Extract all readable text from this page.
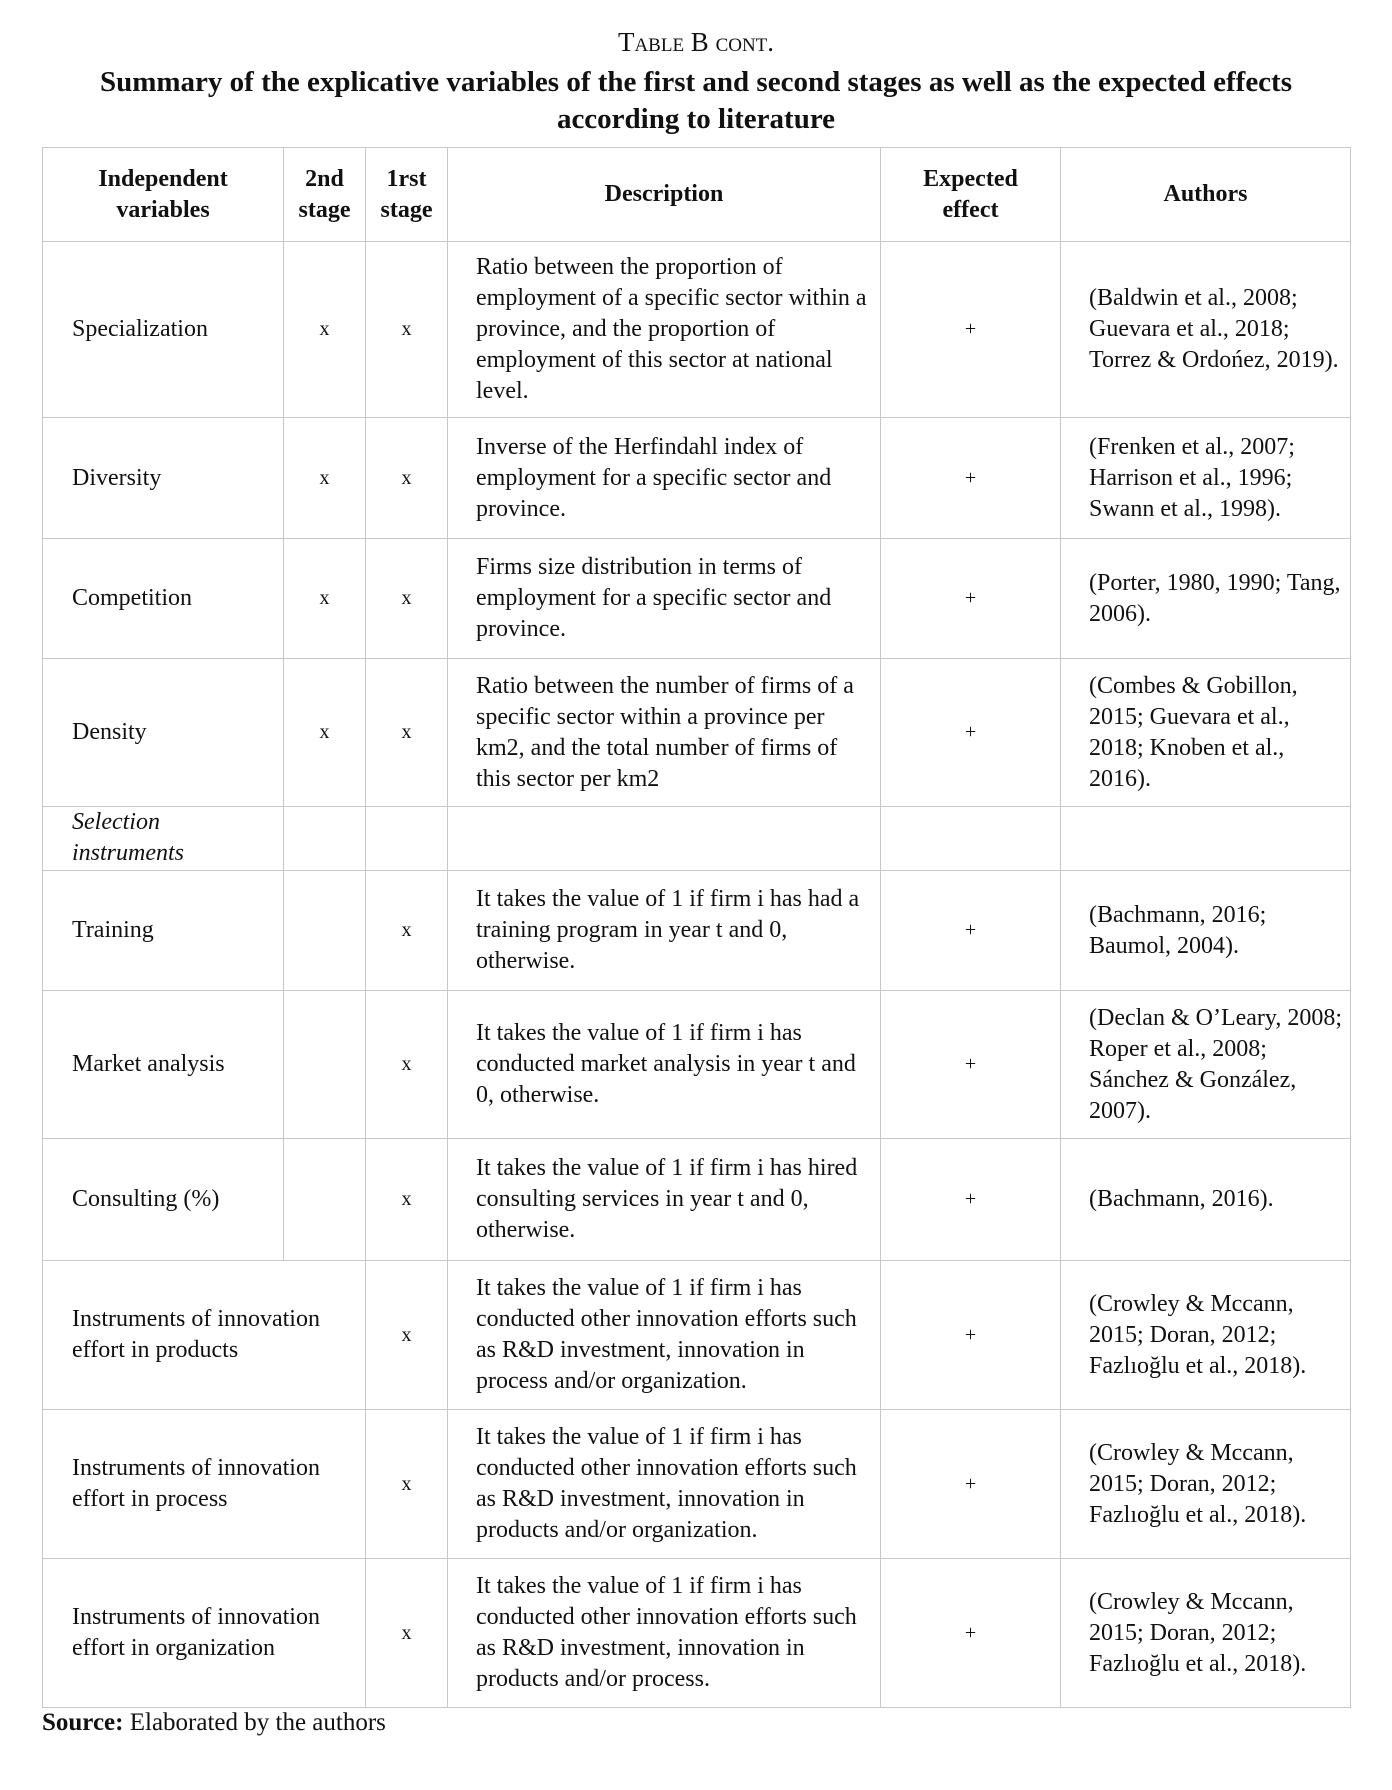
Table B cont.
Summary of the explicative variables of the first and second stages as well as the expected effects according to literature
Independent variables	2nd stage	1rst stage	Description	Expected effect	Authors
Specialization	x	x	Ratio between the proportion of employment of a specific sector within a province, and the proportion of employment of this sector at national level.	+	(Baldwin et al., 2008; Guevara et al., 2018; Torrez & Ordońez, 2019).
Diversity	x	x	Inverse of the Herfindahl index of employment for a specific sector and province.	+	(Frenken et al., 2007; Harrison et al., 1996; Swann et al., 1998).
Competition	x	x	Firms size distribution in terms of employment for a specific sector and province.	+	(Porter, 1980, 1990; Tang, 2006).
Density	x	x	Ratio between the number of firms of a specific sector within a province per km2, and the total number of firms of this sector per km2	+	(Combes & Gobillon, 2015; Guevara et al., 2018; Knoben et al., 2016).
Selection instruments					
Training		x	It takes the value of 1 if firm i has had a training program in year t and 0, otherwise.	+	(Bachmann, 2016; Baumol, 2004).
Market analysis		x	It takes the value of 1 if firm i has conducted market analysis in year t and 0, otherwise.	+	(Declan & O’Leary, 2008; Roper et al., 2008; Sánchez & González, 2007).
Consulting (%)		x	It takes the value of 1 if firm i has hired consulting services in year t and 0, otherwise.	+	(Bachmann, 2016).
Instruments of innovation effort in products		x	It takes the value of 1 if firm i has conducted other innovation efforts such as R&D investment, innovation in process and/or organization.	+	(Crowley & Mccann, 2015; Doran, 2012; Fazlıoğlu et al., 2018).
Instruments of innovation effort in process		x	It takes the value of 1 if firm i has conducted other innovation efforts such as R&D investment, innovation in products and/or organization.	+	(Crowley & Mccann, 2015; Doran, 2012; Fazlıoğlu et al., 2018).
Instruments of innovation effort in organization		x	It takes the value of 1 if firm i has conducted other innovation efforts such as R&D investment, innovation in products and/or process.	+	(Crowley & Mccann, 2015; Doran, 2012; Fazlıoğlu et al., 2018).
Source: Elaborated by the authors
